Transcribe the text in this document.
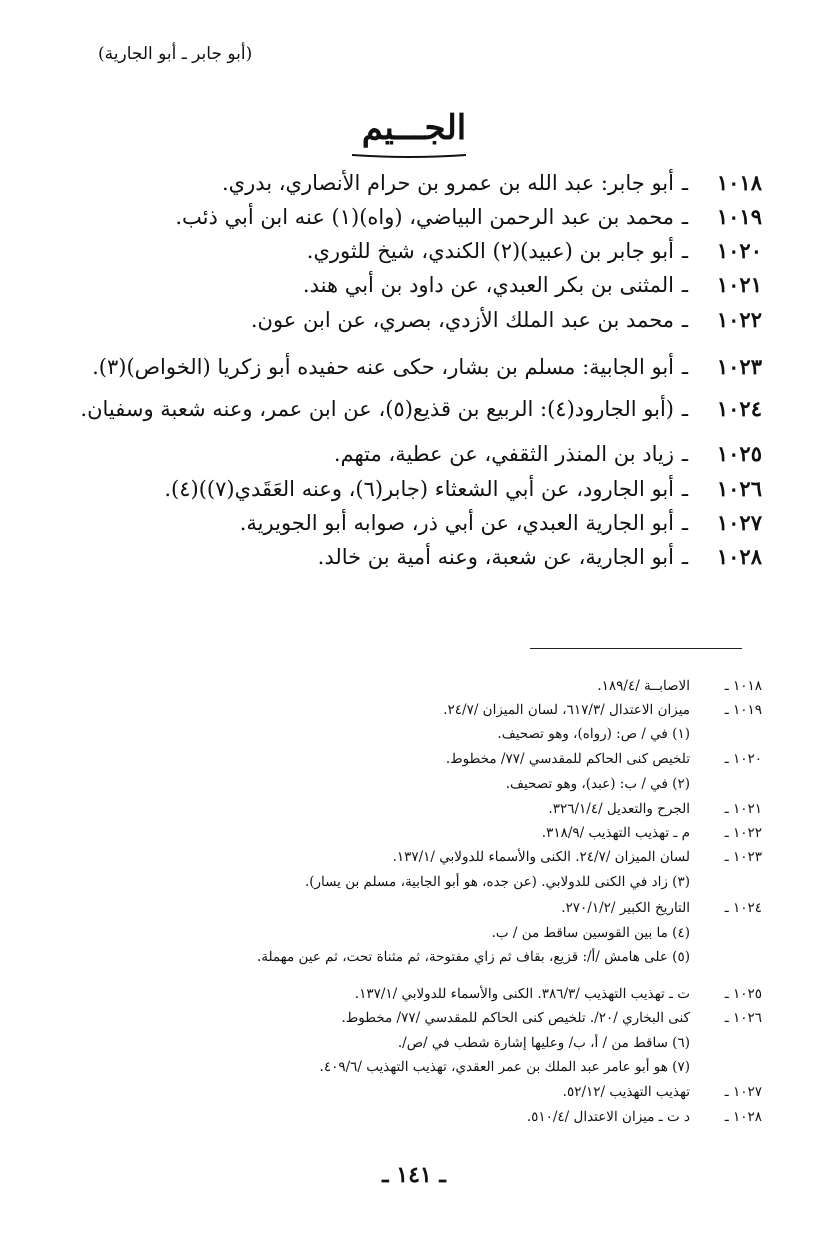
(أبو جابر ـ أبو الجارية)
الجـــيم
١٠١٨ـأبو جابر: عبد الله بن عمرو بن حرام الأنصاري، بدري.
١٠١٩ـمحمد بن عبد الرحمن البياضي، (واه)(١) عنه ابن أبي ذئب.
١٠٢٠ـأبو جابر بن (عبيد)(٢) الكندي، شيخ للثوري.
١٠٢١ـالمثنى بن بكر العبدي، عن داود بن أبي هند.
١٠٢٢ـمحمد بن عبد الملك الأزدي، بصري، عن ابن عون.
١٠٢٣ـأبو الجابية: مسلم بن بشار، حكى عنه حفيده أبو زكريا (الخواص)(٣).
١٠٢٤ـ(أبو الجارود(٤): الربيع بن قذيع(٥)، عن ابن عمر، وعنه شعبة وسفيان.
١٠٢٥ـزياد بن المنذر الثقفي، عن عطية، متهم.
١٠٢٦ـأبو الجارود، عن أبي الشعثاء (جابر(٦)، وعنه العَقَدي(٧))(٤).
١٠٢٧ـأبو الجارية العبدي، عن أبي ذر، صوابه أبو الجويرية.
١٠٢٨ـأبو الجارية، عن شعبة، وعنه أمية بن خالد.
١٠١٨ ـالاصابــة /١٨٩/٤.
١٠١٩ ـميزان الاعتدال /٦١٧/٣، لسان الميزان /٢٤/٧.
(١) في / ص: (رواه)، وهو تصحيف.
١٠٢٠ ـتلخيص كنى الحاكم للمقدسي /٧٧/ مخطوط.
(٢) في / ب: (عبد)، وهو تصحيف.
١٠٢١ ـالجرح والتعديل /٣٢٦/١/٤.
١٠٢٢ ـم ـ تهذيب التهذيب /٣١٨/٩.
١٠٢٣ ـلسان الميزان /٢٤/٧. الكنى والأسماء للدولابي /١٣٧/١.
(٣) زاد في الكنى للدولابي. (عن جده، هو أبو الجابية، مسلم بن يسار).
١٠٢٤ ـالتاريخ الكبير /٢٧٠/١/٢.
(٤) ما بين القوسين ساقط من / ب.
(٥) على هامش /أ/: قزيع، بقاف ثم زاي مفتوحة، ثم مثناة تحت، ثم عين مهملة.
١٠٢٥ ـت ـ تهذيب التهذيب /٣٨٦/٣. الكنى والأسماء للدولابي /١٣٧/١.
١٠٢٦ ـكنى البخاري /٢٠/. تلخيص كنى الحاكم للمقدسي /٧٧/ مخطوط.
(٦) ساقط من / أ، ب/ وعليها إشارة شطب في /ص/.
(٧) هو أبو عامر عبد الملك بن عمر العقدي، تهذيب التهذيب /٤٠٩/٦.
١٠٢٧ ـتهذيب التهذيب /٥٢/١٢.
١٠٢٨ ـد ت ـ ميزان الاعتدال /٥١٠/٤.
ـ ١٤١ ـ
